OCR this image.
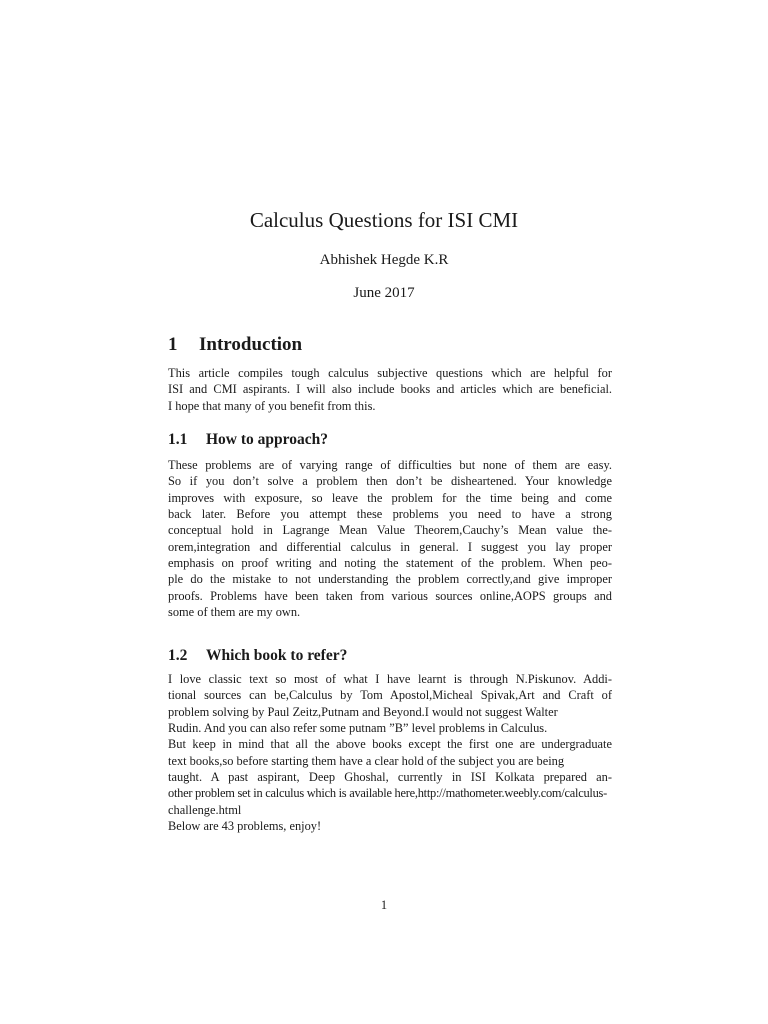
Calculus Questions for ISI CMI
Abhishek Hegde K.R
June 2017
1 Introduction
This article compiles tough calculus subjective questions which are helpful for
ISI and CMI aspirants. I will also include books and articles which are beneficial.
I hope that many of you benefit from this.
1.1 How to approach?
These problems are of varying range of difficulties but none of them are easy.
So if you don’t solve a problem then don’t be disheartened. Your knowledge
improves with exposure, so leave the problem for the time being and come
back later. Before you attempt these problems you need to have a strong
conceptual hold in Lagrange Mean Value Theorem,Cauchy’s Mean value the-
orem,integration and differential calculus in general. I suggest you lay proper
emphasis on proof writing and noting the statement of the problem. When peo-
ple do the mistake to not understanding the problem correctly,and give improper
proofs. Problems have been taken from various sources online,AOPS groups and
some of them are my own.
1.2 Which book to refer?
I love classic text so most of what I have learnt is through N.Piskunov. Addi-
tional sources can be,Calculus by Tom Apostol,Micheal Spivak,Art and Craft of
problem solving by Paul Zeitz,Putnam and Beyond.I would not suggest Walter
Rudin. And you can also refer some putnam ”B” level problems in Calculus.
But keep in mind that all the above books except the first one are undergraduate
text books,so before starting them have a clear hold of the subject you are being
taught. A past aspirant, Deep Ghoshal, currently in ISI Kolkata prepared an-
other problem set in calculus which is available here,http://mathometer.weebly.com/calculus-
challenge.html
Below are 43 problems, enjoy!
1
